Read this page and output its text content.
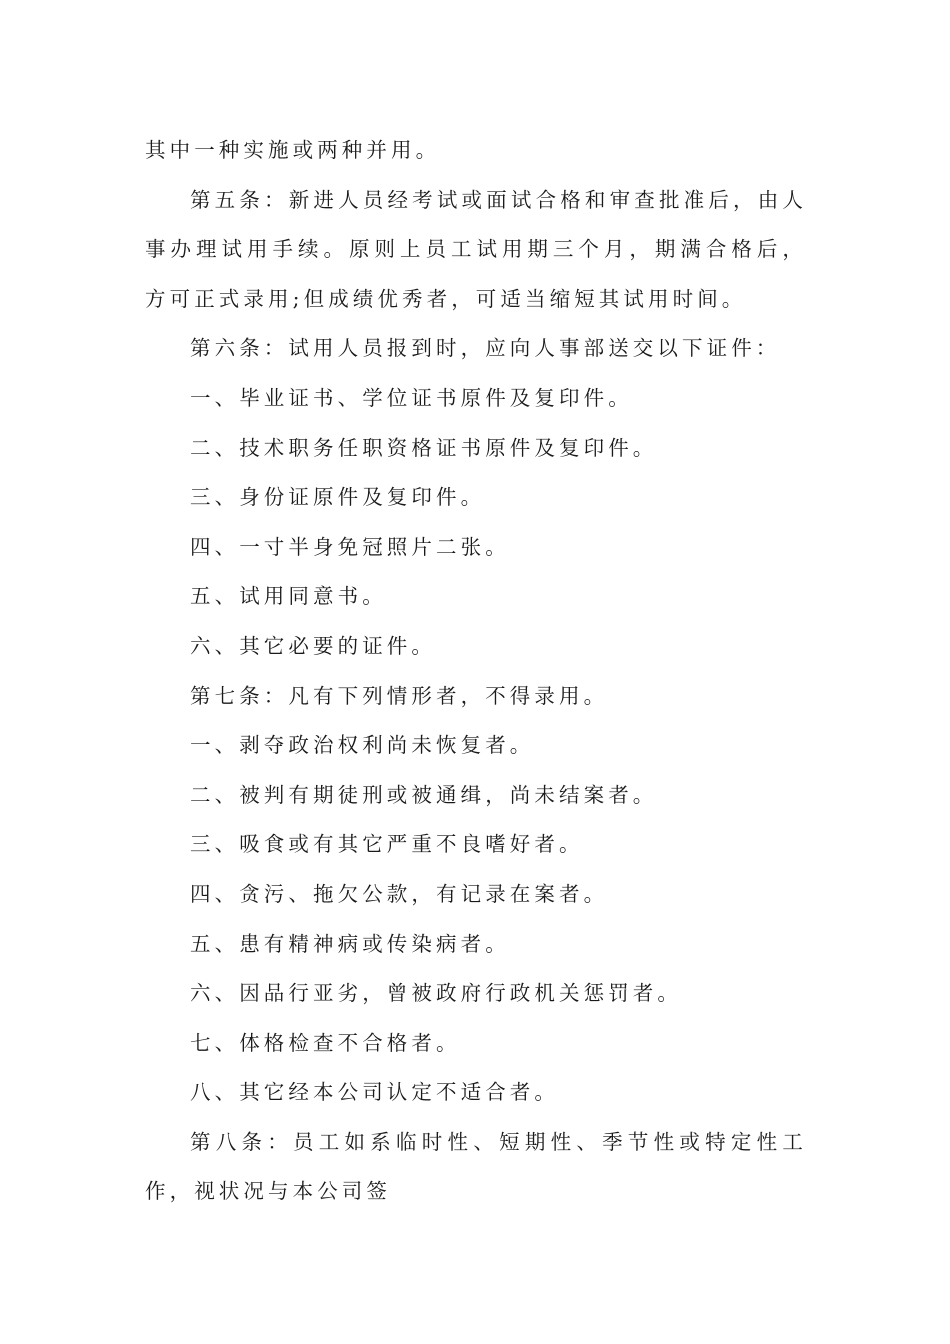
其中一种实施或两种并用。

第五条：新进人员经考试或面试合格和审查批准后，由人事办理试用手续。原则上员工试用期三个月，期满合格后，方可正式录用;但成绩优秀者，可适当缩短其试用时间。

第六条：试用人员报到时，应向人事部送交以下证件：

一、毕业证书、学位证书原件及复印件。

二、技术职务任职资格证书原件及复印件。

三、身份证原件及复印件。

四、一寸半身免冠照片二张。

五、试用同意书。

六、其它必要的证件。

第七条：凡有下列情形者，不得录用。

一、剥夺政治权利尚未恢复者。

二、被判有期徒刑或被通缉，尚未结案者。

三、吸食或有其它严重不良嗜好者。

四、贪污、拖欠公款，有记录在案者。

五、患有精神病或传染病者。

六、因品行亚劣，曾被政府行政机关惩罚者。

七、体格检查不合格者。

八、其它经本公司认定不适合者。

第八条：员工如系临时性、短期性、季节性或特定性工作，视状况与本公司签
